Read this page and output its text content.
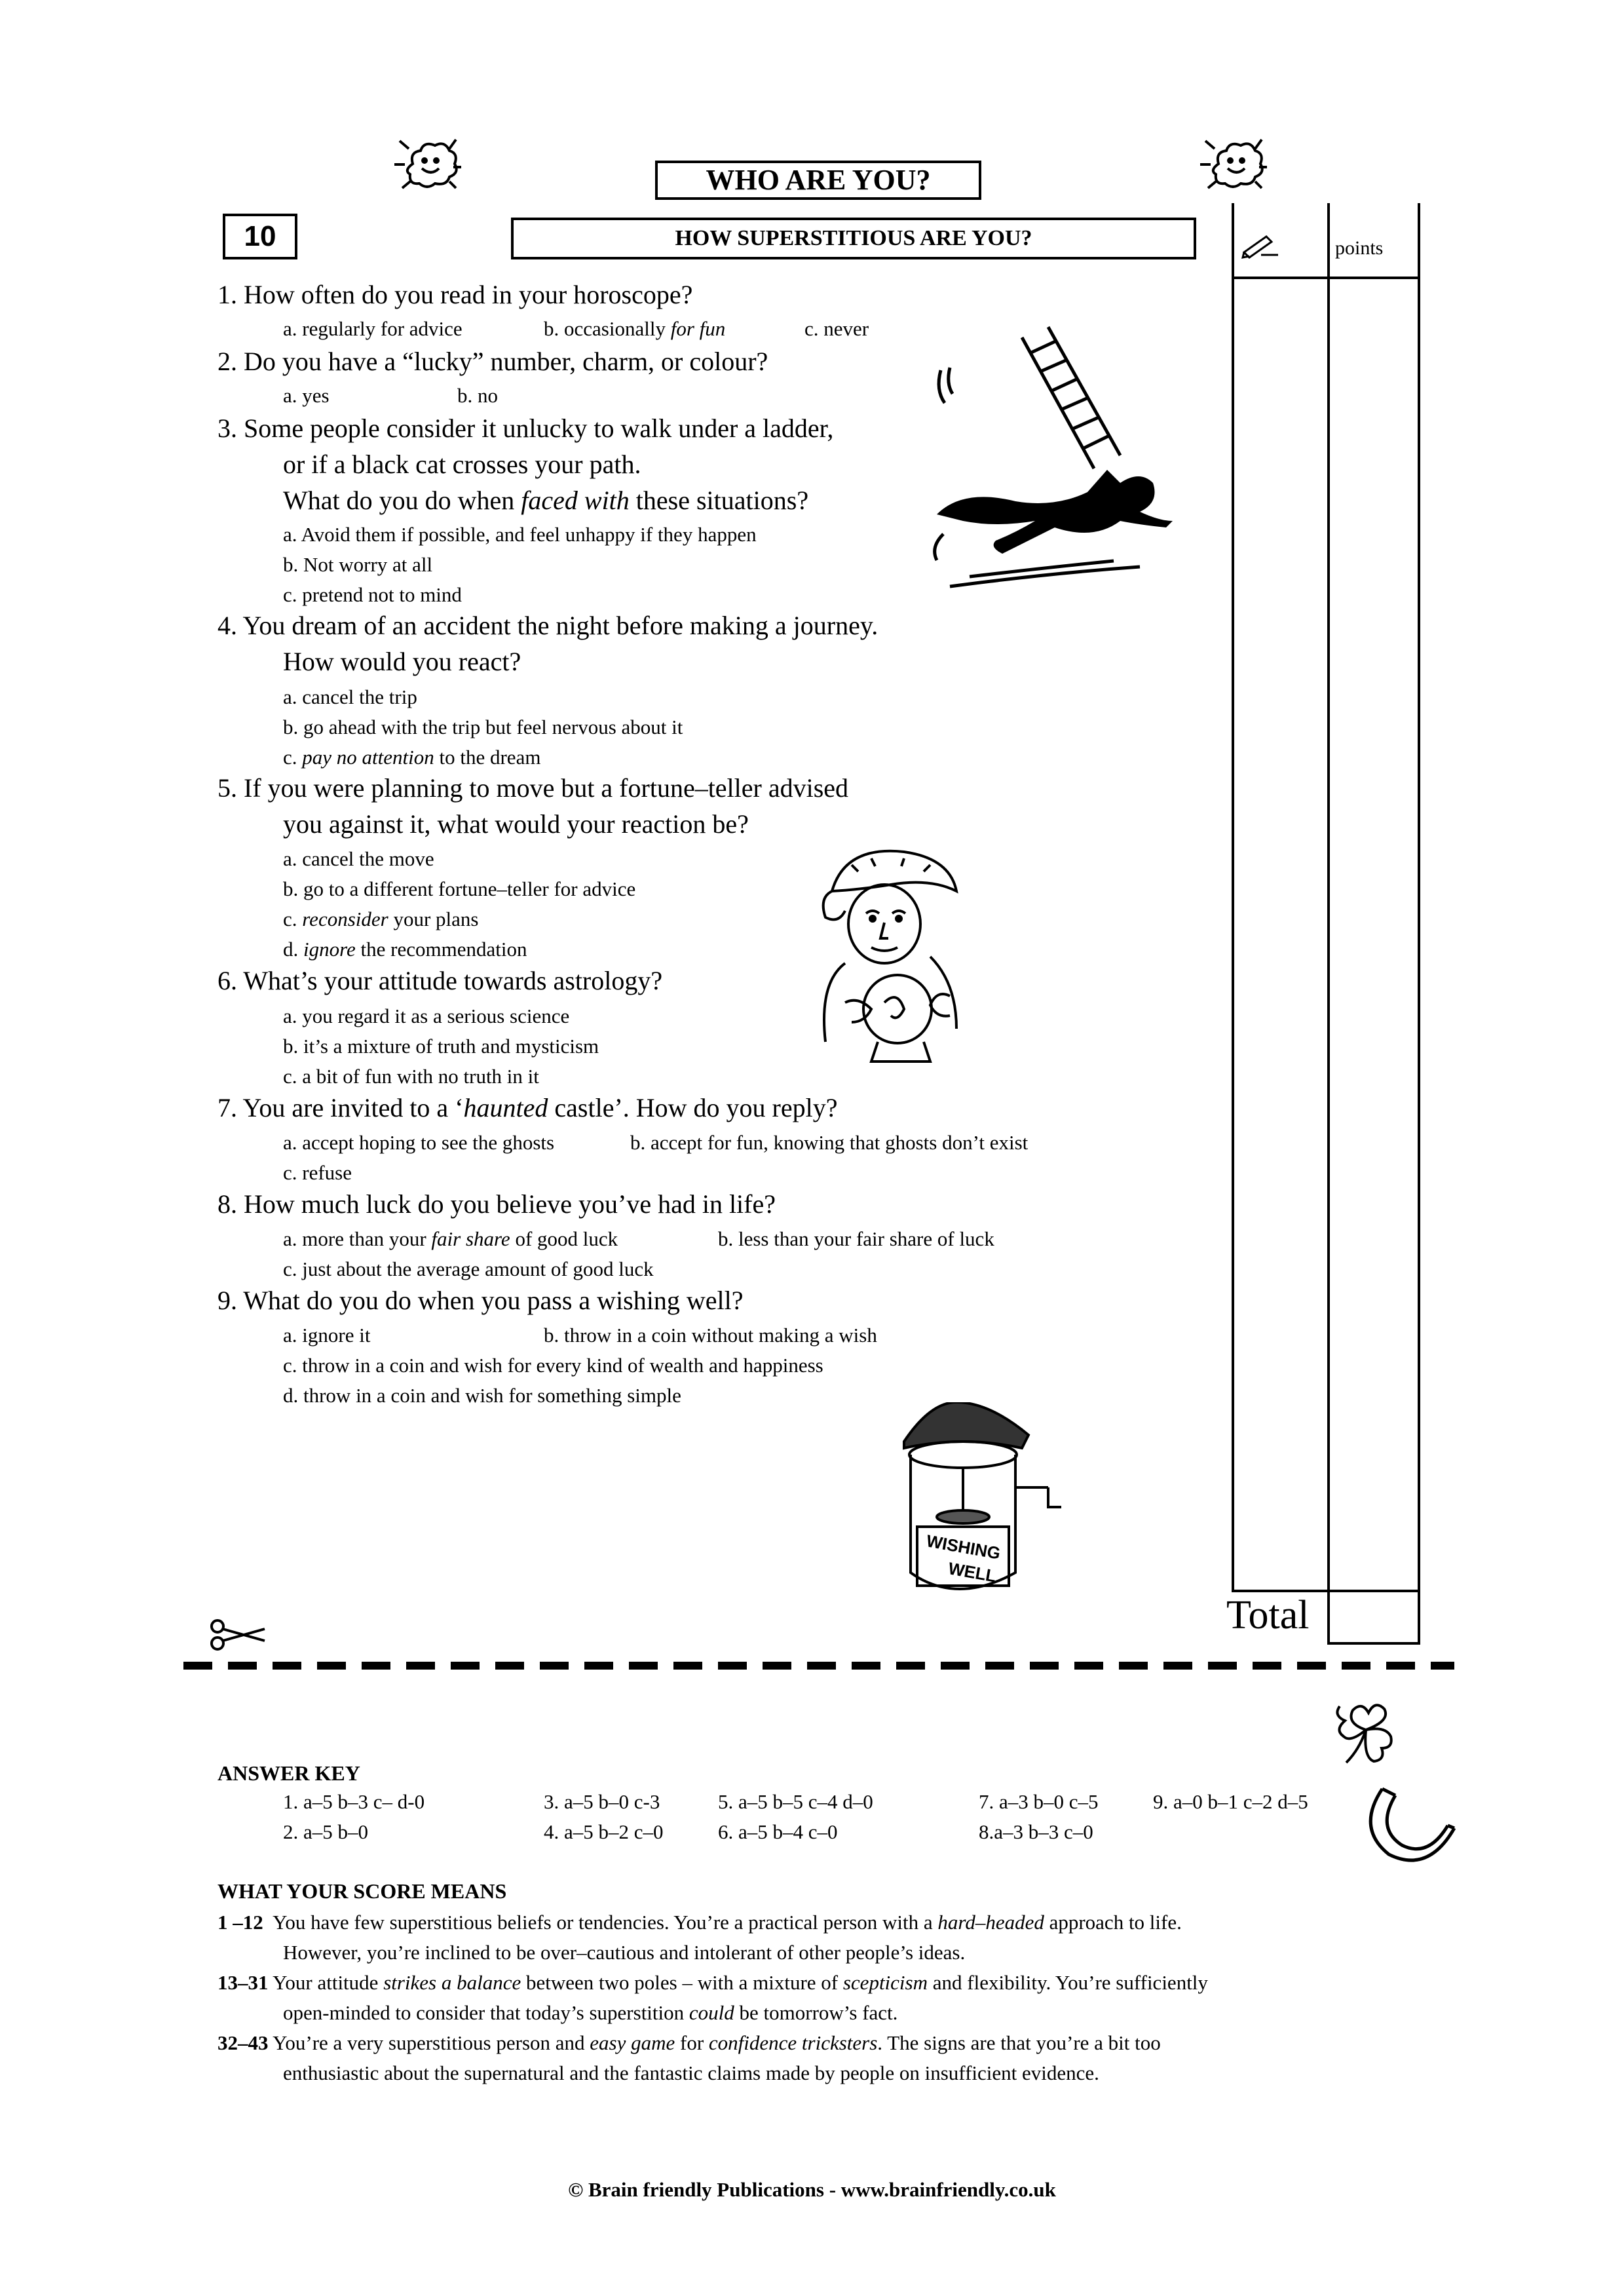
WHO ARE YOU?
10	HOW SUPERSTITIOUS ARE YOU?	points
1. How often do you read in your horoscope?
a. regularly for advice	b. occasionally for fun	c. never
2. Do you have a “lucky” number, charm, or colour?
a. yes	b. no
3. Some people consider it unlucky to walk under a ladder,
or if a black cat crosses your path.
What do you do when faced with these situations?
a. Avoid them if possible, and feel unhappy if they happen
b. Not worry at all
c. pretend not to mind
4. You dream of an accident the night before making a journey.
How would you react?
a. cancel the trip
b. go ahead with the trip but feel nervous about it
c. pay no attention to the dream
5. If you were planning to move but a fortune–teller advised
you against it, what would your reaction be?
a. cancel the move
b. go to a different fortune–teller for advice
c. reconsider your plans
d. ignore the recommendation
6. What’s your attitude towards astrology?
a. you regard it as a serious science
b. it’s a mixture of truth and mysticism
c. a bit of fun with no truth in it
7. You are invited to a ‘haunted castle’. How do you reply?
a. accept hoping to see the ghosts	b. accept for fun, knowing that ghosts don’t exist
c. refuse
8. How much luck do you believe you’ve had in life?
a. more than your fair share of good luck	b. less than your fair share of luck
c. just about the average amount of good luck
9. What do you do when you pass a wishing well?
a. ignore it	b. throw in a coin without making a wish
c. throw in a coin and wish for every kind of wealth and happiness
d. throw in a coin and wish for something simple
WISHING
WELL
Total
ANSWER KEY
1. a–5 b–3 c– d-0	3. a–5 b–0 c-3	5. a–5 b–5 c–4 d–0	7. a–3 b–0 c–5	9. a–0 b–1 c–2 d–5
2. a–5 b–0	4. a–5 b–2 c–0	6. a–5 b–4 c–0	8.a–3 b–3 c–0
WHAT YOUR SCORE MEANS
1 –12 You have few superstitious beliefs or tendencies. You’re a practical person with a hard–headed approach to life.
However, you’re inclined to be over–cautious and intolerant of other people’s ideas.
13–31 Your attitude strikes a balance between two poles – with a mixture of scepticism and flexibility. You’re sufficiently
open-minded to consider that today’s superstition could be tomorrow’s fact.
32–43 You’re a very superstitious person and easy game for confidence tricksters. The signs are that you’re a bit too
enthusiastic about the supernatural and the fantastic claims made by people on insufficient evidence.
© Brain friendly Publications - www.brainfriendly.co.uk
